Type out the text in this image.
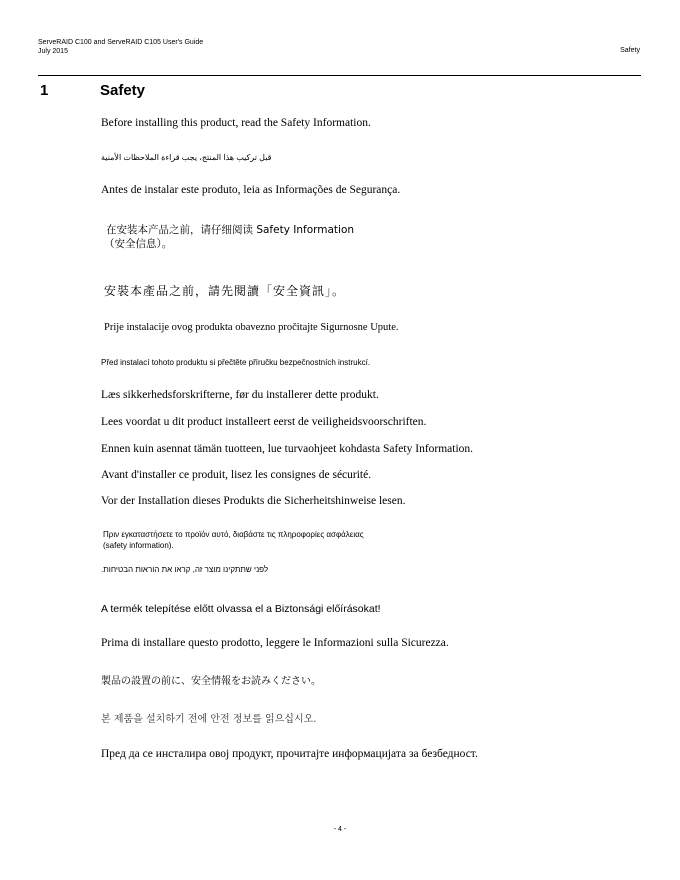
ServeRAID C100 and ServeRAID C105 User's Guide
July 2015	Safety
1	Safety
Before installing this product, read the Safety Information.
قبل تركيب هذا المنتج، يجب قراءة الملاحظات الأمنية
Antes de instalar este produto, leia as Informações de Segurança.
在安装本产品之前，请仔细阅读 Safety Information
（安全信息）。
安裝本產品之前，請先閱讀「安全資訊」。
Prije instalacije ovog produkta obavezno pročitajte Sigurnosne Upute.
Před instalací tohoto produktu si přečtěte příručku bezpečnostních instrukcí.
Læs sikkerhedsforskrifterne, før du installerer dette produkt.
Lees voordat u dit product installeert eerst de veiligheidsvoorschriften.
Ennen kuin asennat tämän tuotteen, lue turvaohjeet kohdasta Safety Information.
Avant d'installer ce produit, lisez les consignes de sécurité.
Vor der Installation dieses Produkts die Sicherheitshinweise lesen.
Πριν εγκαταστήσετε το προϊόν αυτό, διαβάστε τις πληροφορίες ασφάλειας
(safety information).
לפני שתתקינו מוצר זה, קראו את הוראות הבטיחות.
A termék telepítése előtt olvassa el a Biztonsági előírásokat!
Prima di installare questo prodotto, leggere le Informazioni sulla Sicurezza.
製品の設置の前に、安全情報をお読みください。
본 제품을 설치하기 전에 안전 정보를 읽으십시오.
Пред да се инсталира овој продукт, прочитајте информацијата за безбедност.
- 4 -
